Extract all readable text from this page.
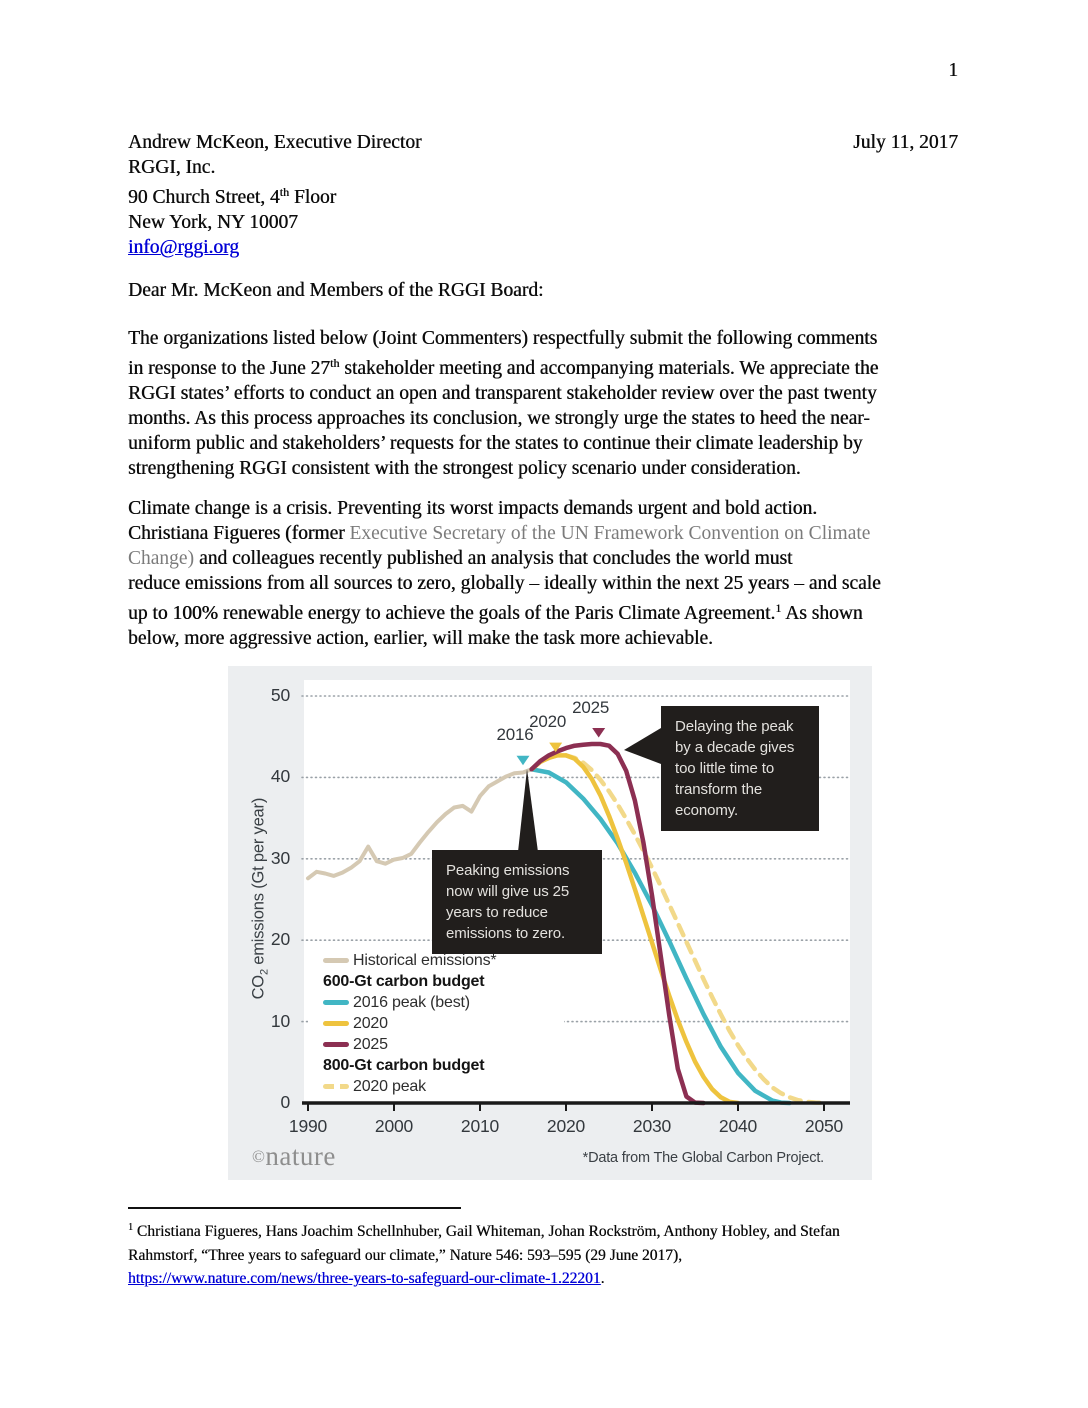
1
Andrew McKeon, Executive Director
RGGI, Inc.
90 Church Street, 4th Floor
New York, NY 10007
info@rggi.org
July 11, 2017
Dear Mr. McKeon and Members of the RGGI Board:
The organizations listed below (Joint Commenters) respectfully submit the following comments
in response to the June 27th stakeholder meeting and accompanying materials. We appreciate the
RGGI states’ efforts to conduct an open and transparent stakeholder review over the past twenty
months. As this process approaches its conclusion, we strongly urge the states to heed the near-
uniform public and stakeholders’ requests for the states to continue their climate leadership by
strengthening RGGI consistent with the strongest policy scenario under consideration.
Climate change is a crisis. Preventing its worst impacts demands urgent and bold action.
Christiana Figueres (former Executive Secretary of the UN Framework Convention on Climate
Change) and colleagues recently published an analysis that concludes the world must
reduce emissions from all sources to zero, globally – ideally within the next 25 years – and scale
up to 100% renewable energy to achieve the goals of the Paris Climate Agreement.$^1$ As shown
below, more aggressive action, earlier, will make the task more achievable.
$CO_2$ emissions (Gt per year)	Peaking emissions now will give us 25 years to reduce emissions to zero.
Delaying the peak by a decade gives too little time to transform the economy.
Historical emissions*
600-Gt carbon budget
2016 peak (best)
2020
2025
800-Gt carbon budget
2020 peak
©nature	*Data from The Global Carbon Project.
1990	2000	2010	2020	2030	2040	2050
0
10
20
30
40
50
2016
2020
2025
$^1$ Christiana Figueres, Hans Joachim Schellnhuber, Gail Whiteman, Johan Rockström, Anthony Hobley, and Stefan
Rahmstorf, “Three years to safeguard our climate,” Nature 546: 593–595 (29 June 2017),
https://www.nature.com/news/three-years-to-safeguard-our-climate-1.22201.
